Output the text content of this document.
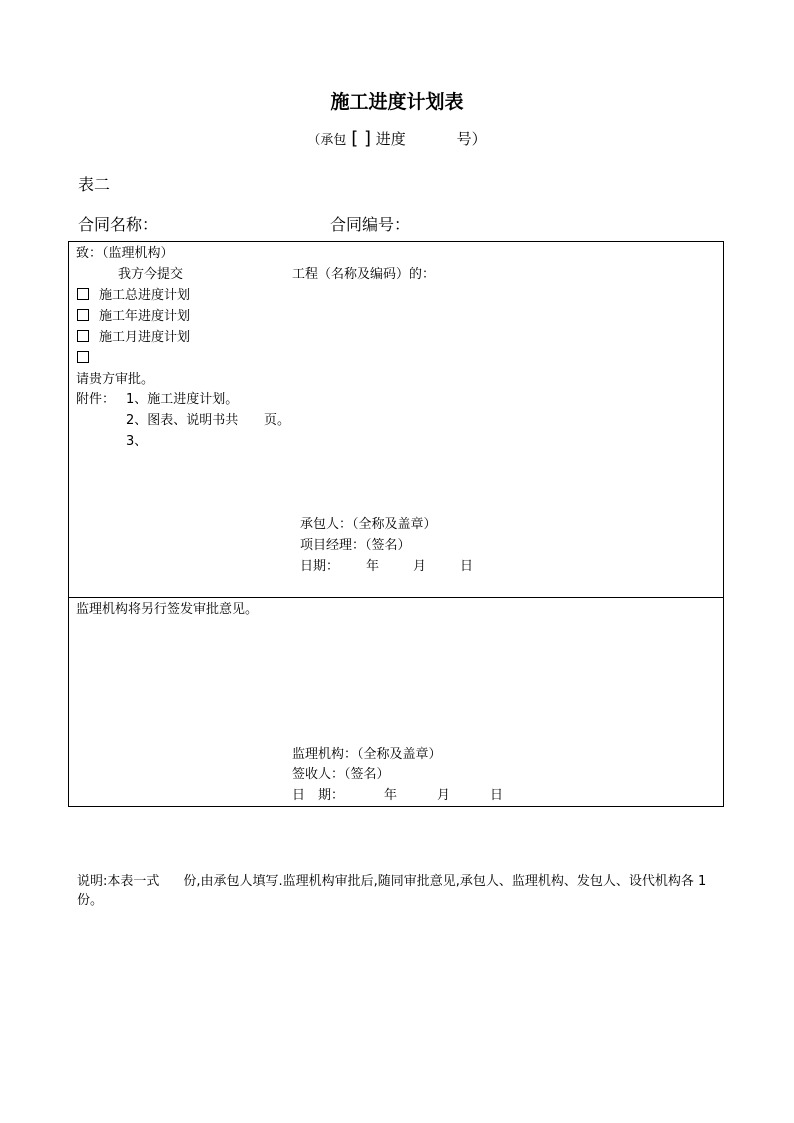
施工进度计划表
（承包 [ ] 进度	号）
表二
合同名称：	合同编号：
致：（监理机构）
我方今提交	工程（名称及编码）的：
施工总进度计划
施工年进度计划
施工月进度计划
请贵方审批。
附件： 1、施工进度计划。
2、图表、说明书共 页。
3、
承包人：（全称及盖章）
项目经理：（签名）
日期： 年	月	日
监理机构将另行签发审批意见。
监理机构：（全称及盖章）
签收人：（签名）
日　期：	年	月	日
说明:本表一式 份,由承包人填写.监理机构审批后,随同审批意见,承包人、监理机构、发包人、设代机构各 1 份。
